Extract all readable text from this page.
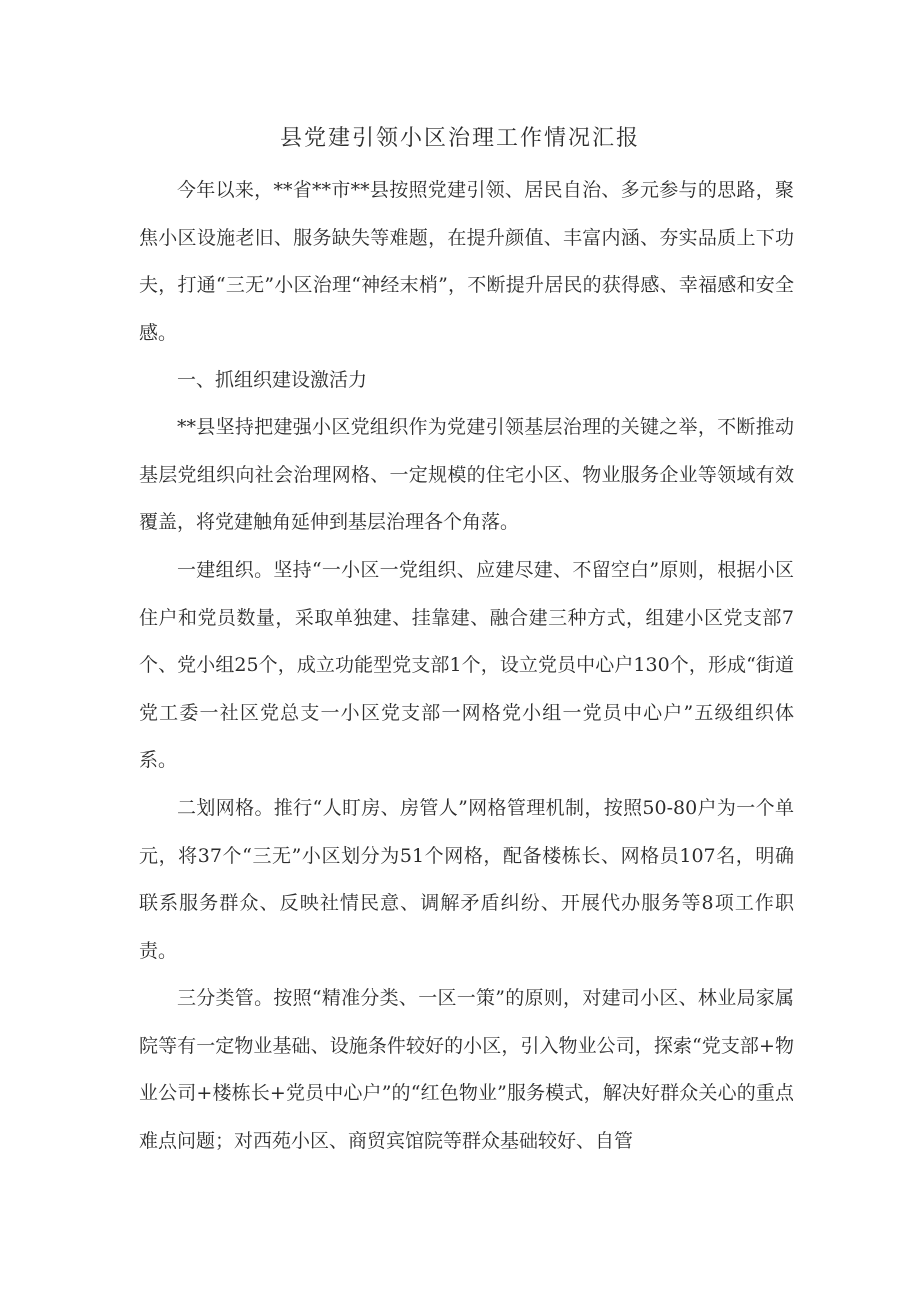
县党建引领小区治理工作情况汇报

今年以来，**省**市**县按照党建引领、居民自治、多元参与的思路，聚焦小区设施老旧、服务缺失等难题，在提升颜值、丰富内涵、夯实品质上下功夫，打通“三无”小区治理“神经末梢”，不断提升居民的获得感、幸福感和安全感。

一、抓组织建设激活力

**县坚持把建强小区党组织作为党建引领基层治理的关键之举，不断推动基层党组织向社会治理网格、一定规模的住宅小区、物业服务企业等领域有效覆盖，将党建触角延伸到基层治理各个角落。

一建组织。坚持“一小区一党组织、应建尽建、不留空白”原则，根据小区住户和党员数量，采取单独建、挂靠建、融合建三种方式，组建小区党支部7个、党小组25个，成立功能型党支部1个，设立党员中心户130个，形成“街道党工委一社区党总支一小区党支部一网格党小组一党员中心户”五级组织体系。

二划网格。推行“人盯房、房管人”网格管理机制，按照50-80户为一个单元，将37个“三无”小区划分为51个网格，配备楼栋长、网格员107名，明确联系服务群众、反映社情民意、调解矛盾纠纷、开展代办服务等8项工作职责。

三分类管。按照“精准分类、一区一策”的原则，对建司小区、林业局家属院等有一定物业基础、设施条件较好的小区，引入物业公司，探索“党支部+物业公司+楼栋长+党员中心户”的“红色物业”服务模式，解决好群众关心的重点难点问题；对西苑小区、商贸宾馆院等群众基础较好、自管
